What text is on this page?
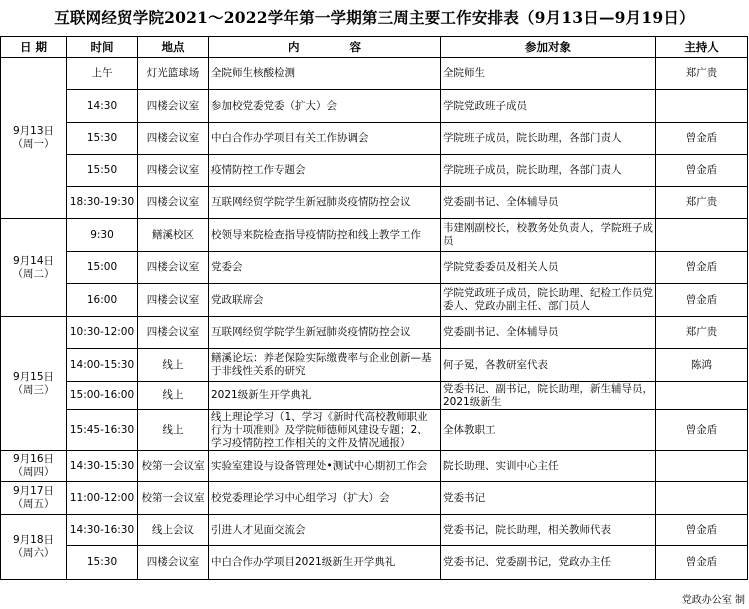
互联网经贸学院2021～2022学年第一学期第三周主要工作安排表（9月13日—9月19日）
日 期	时间	地点	内 容	参加对象	主持人
9月13日
（周一）	上午	灯光篮球场	全院师生核酸检测	全院师生	郑广贵
	14:30	四楼会议室	参加校党委党委（扩大）会	学院党政班子成员	
	15:30	四楼会议室	中白合作办学项目有关工作协调会	学院班子成员，院长助理，各部门责人	曾金盾
	15:50	四楼会议室	疫情防控工作专题会	学院班子成员，院长助理，各部门责人	曾金盾
	18:30-19:30	四楼会议室	互联网经贸学院学生新冠肺炎疫情防控会议	党委副书记、全体辅导员	郑广贵
9月14日
（周二）	9:30	鳝溪校区	校领导来院检查指导疫情防控和线上教学工作	韦建刚副校长，校教务处负责人，学院班子成员	
	15:00	四楼会议室	党委会	学院党委委员及相关人员	曾金盾
	16:00	四楼会议室	党政联席会	学院党政班子成员，院长助理、纪检工作员党委人、党政办副主任、部门员人	曾金盾
9月15日
（周三）	10:30-12:00	四楼会议室	互联网经贸学院学生新冠肺炎疫情防控会议	党委副书记、全体辅导员	郑广贵
	14:00-15:30	线上	鳝溪论坛：养老保险实际缴费率与企业创新—基于非线性关系的研究	何子冕，各教研室代表	陈鸿
	15:00-16:00	线上	2021级新生开学典礼	党委书记、副书记，院长助理，新生辅导员，2021级新生	
	15:45-16:30	线上	线上理论学习（1、学习《新时代高校教师职业行为十项准则》及学院师德师风建设专题；2、学习疫情防控工作相关的文件及情况通报）	全体教职工	曾金盾
9月16日
（周四）	14:30-15:30	校第一会议室	实验室建设与设备管理处•测试中心期初工作会	院长助理、实训中心主任	
9月17日
（周五）	11:00-12:00	校第一会议室	校党委理论学习中心组学习（扩大）会	党委书记	
9月18日
（周六）	14:30-16:30	线上会议	引进人才见面交流会	党委书记，院长助理，相关教师代表	曾金盾
	15:30	四楼会议室	中白合作办学项目2021级新生开学典礼	党委书记、党委副书记，党政办主任	曾金盾
党政办公室 制
